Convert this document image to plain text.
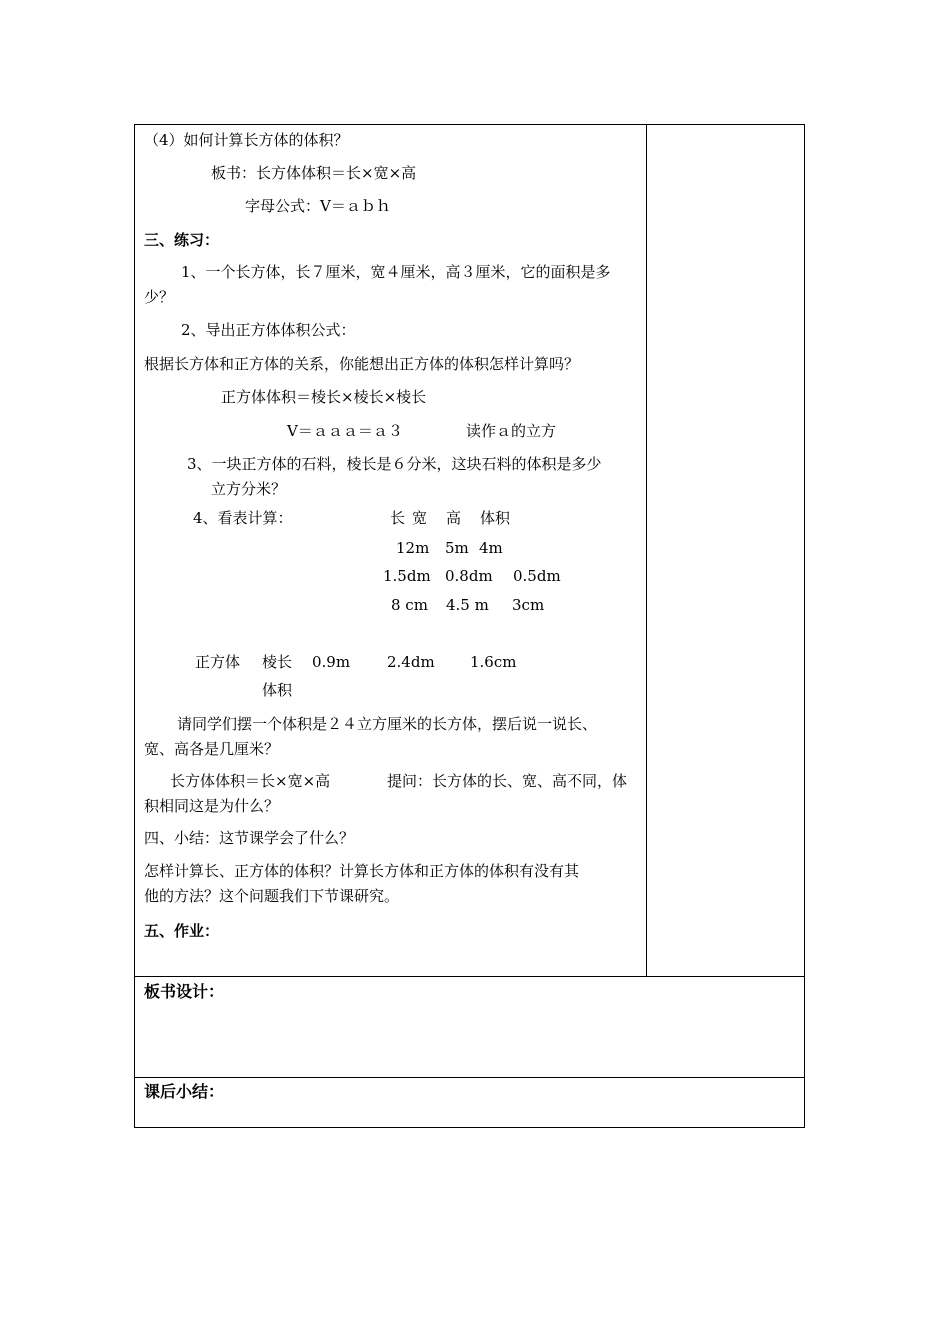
（4）如何计算长方体的体积？
板书：长方体体积＝长×宽×高
字母公式：V＝ａｂｈ
三、练习：
1、一个长方体，长７厘米，宽４厘米，高３厘米，它的面积是多
少？
2、导出正方体体积公式：
根据长方体和正方体的关系，你能想出正方体的体积怎样计算吗？
正方体体积＝棱长×棱长×棱长
V＝ａａａ＝ａ３	读作ａ的立方
3、一块正方体的石料，棱长是６分米，这块石料的体积是多少
立方分米？
4、看表计算：	长 宽 高 体积
12m 5m 4m
1.5dm 0.8dm 0.5dm
8 cm 4.5 m 3cm
正方体 棱长 0.9m 2.4dm 1.6cm
体积
请同学们摆一个体积是２４立方厘米的长方体，摆后说一说长、
宽、高各是几厘米？
长方体体积＝长×宽×高	提问：长方体的长、宽、高不同，体
积相同这是为什么？
四、小结：这节课学会了什么？
怎样计算长、正方体的体积？计算长方体和正方体的体积有没有其
他的方法？这个问题我们下节课研究。
五、作业：
板书设计：
课后小结：
